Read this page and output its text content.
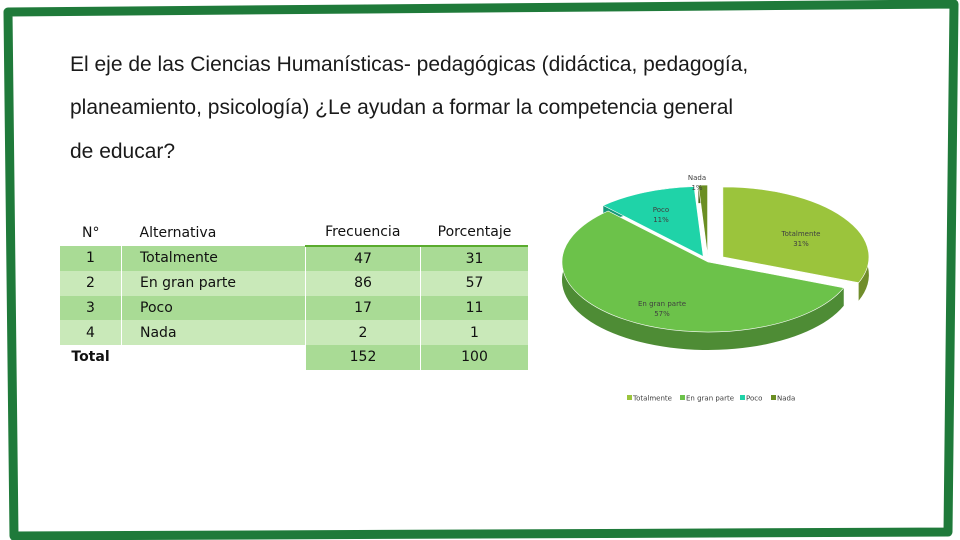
El eje de las Ciencias Humanísticas- pedagógicas (didáctica, pedagogía,
planeamiento, psicología) ¿Le ayudan a formar la competencia general
de educar?
N°	Alternativa	Frecuencia	Porcentaje
1	Totalmente	47	31
2	En gran parte	86	57
3	Poco	17	11
4	Nada	2	1
Total		152	100
Totalmente
31%
En gran parte
57%
Poco
11%
Nada
1%
Totalmente En gran parte Poco Nada
